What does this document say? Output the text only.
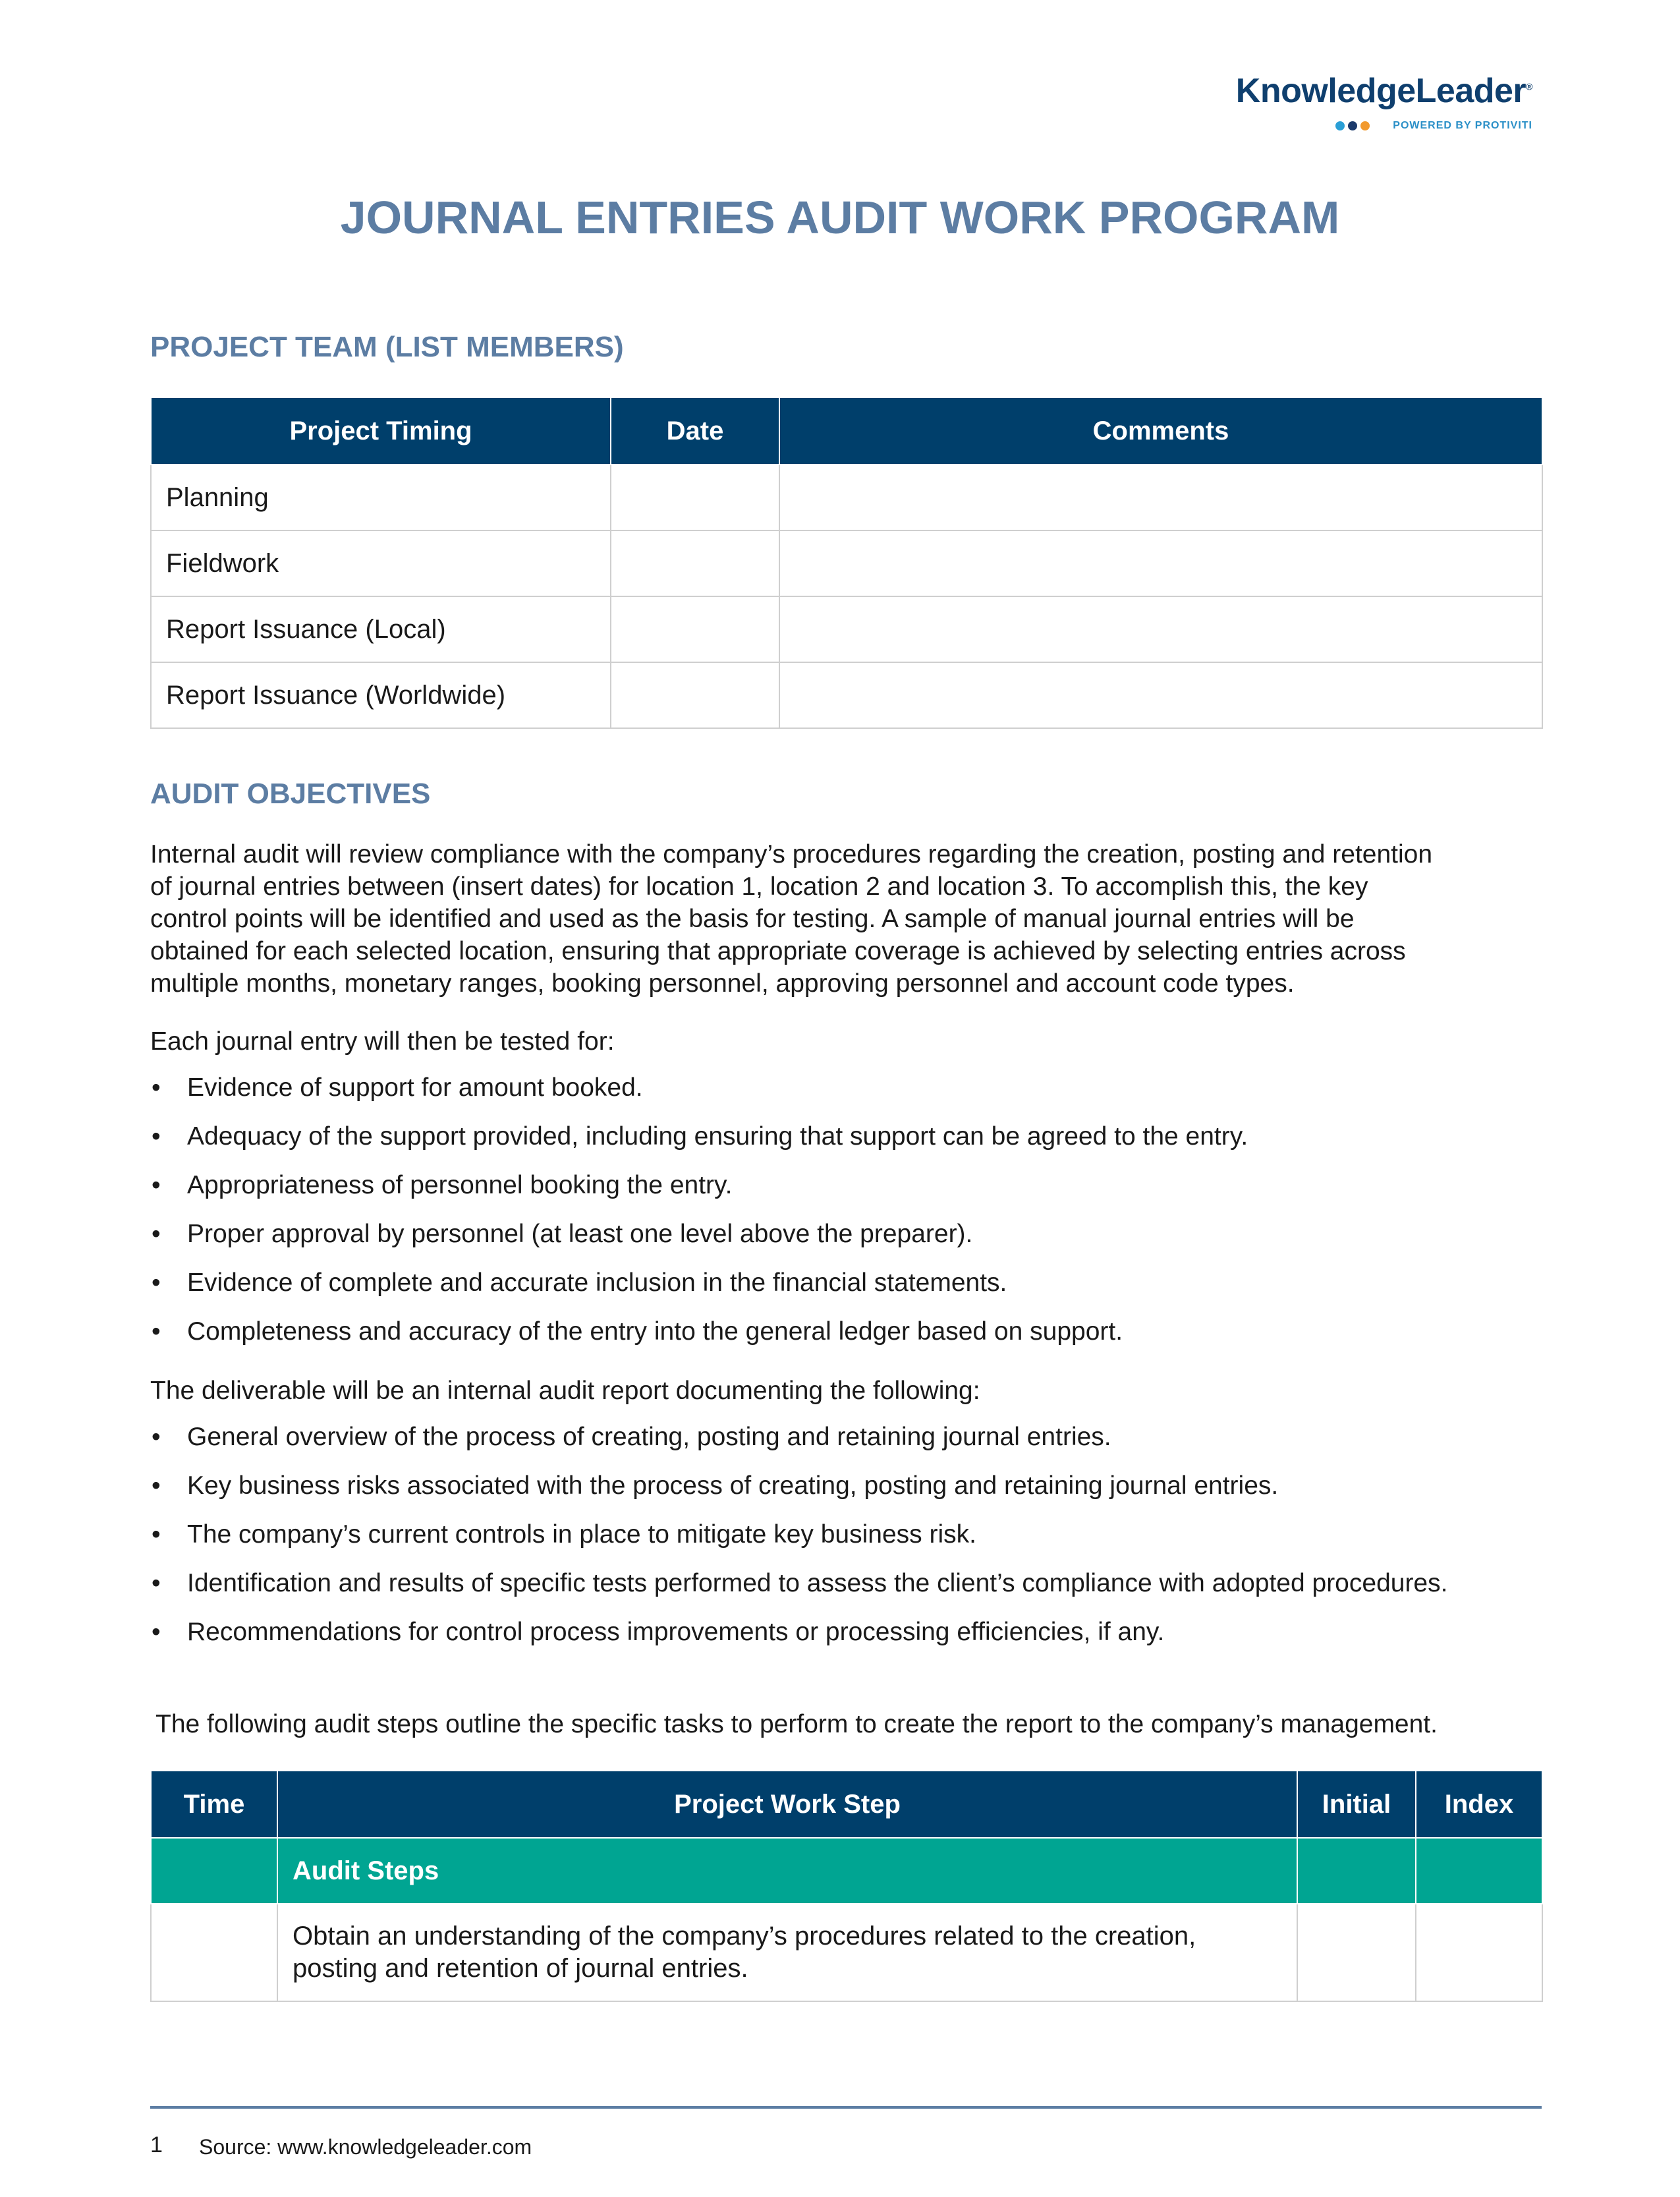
KnowledgeLeader®
POWERED BY PROTIVITI
JOURNAL ENTRIES AUDIT WORK PROGRAM
PROJECT TEAM (LIST MEMBERS)
Project Timing	Date	Comments
Planning		
Fieldwork		
Report Issuance (Local)		
Report Issuance (Worldwide)		
AUDIT OBJECTIVES
Internal audit will review compliance with the company’s procedures regarding the creation, posting and retention
of journal entries between (insert dates) for location 1, location 2 and location 3. To accomplish this, the key
control points will be identified and used as the basis for testing. A sample of manual journal entries will be
obtained for each selected location, ensuring that appropriate coverage is achieved by selecting entries across
multiple months, monetary ranges, booking personnel, approving personnel and account code types.
Each journal entry will then be tested for:
• Evidence of support for amount booked.
• Adequacy of the support provided, including ensuring that support can be agreed to the entry.
• Appropriateness of personnel booking the entry.
• Proper approval by personnel (at least one level above the preparer).
• Evidence of complete and accurate inclusion in the financial statements.
• Completeness and accuracy of the entry into the general ledger based on support.
The deliverable will be an internal audit report documenting the following:
• General overview of the process of creating, posting and retaining journal entries.
• Key business risks associated with the process of creating, posting and retaining journal entries.
• The company’s current controls in place to mitigate key business risk.
• Identification and results of specific tests performed to assess the client’s compliance with adopted procedures.
• Recommendations for control process improvements or processing efficiencies, if any.
The following audit steps outline the specific tasks to perform to create the report to the company’s management.
Time	Project Work Step	Initial	Index
	Audit Steps		

	Obtain an understanding of the company’s procedures related to the creation,
posting and retention of journal entries.		

1 Source: www.knowledgeleader.com
